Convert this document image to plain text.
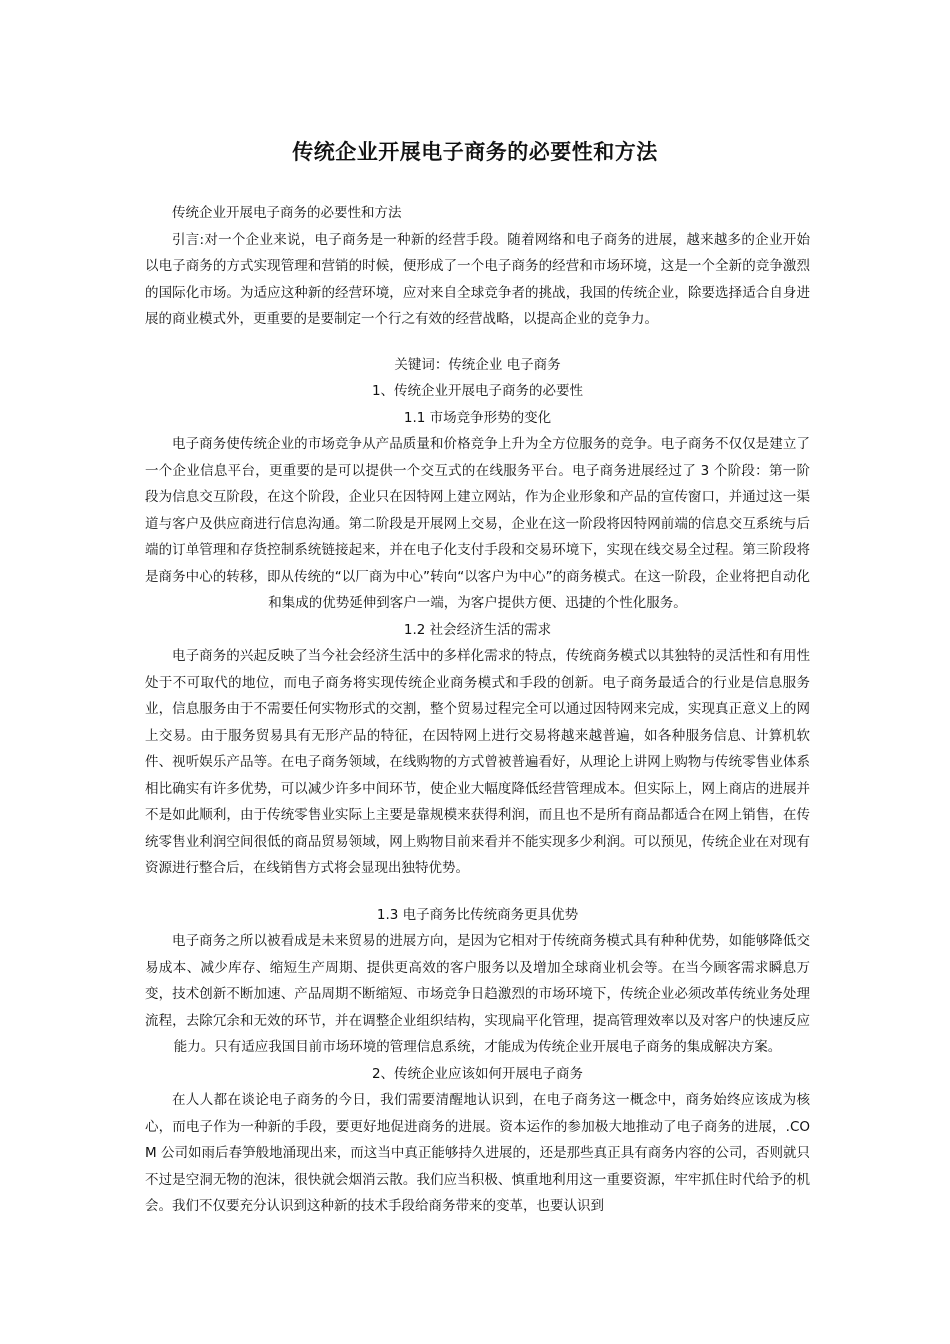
传统企业开展电子商务的必要性和方法

传统企业开展电子商务的必要性和方法

引言:对一个企业来说，电子商务是一种新的经营手段。随着网络和电子商务的进展，越来越多的企业开始以电子商务的方式实现管理和营销的时候，便形成了一个电子商务的经营和市场环境，这是一个全新的竞争激烈的国际化市场。为适应这种新的经营环境，应对来自全球竞争者的挑战，我国的传统企业，除要选择适合自身进展的商业模式外，更重要的是要制定一个行之有效的经营战略，以提高企业的竞争力。

关键词：传统企业 电子商务

1、传统企业开展电子商务的必要性

1.1 市场竞争形势的变化

电子商务使传统企业的市场竞争从产品质量和价格竞争上升为全方位服务的竞争。电子商务不仅仅是建立了一个企业信息平台，更重要的是可以提供一个交互式的在线服务平台。电子商务进展经过了 3 个阶段：第一阶段为信息交互阶段，在这个阶段，企业只在因特网上建立网站，作为企业形象和产品的宣传窗口，并通过这一渠道与客户及供应商进行信息沟通。第二阶段是开展网上交易，企业在这一阶段将因特网前端的信息交互系统与后端的订单管理和存货控制系统链接起来，并在电子化支付手段和交易环境下，实现在线交易全过程。第三阶段将是商务中心的转移，即从传统的“以厂商为中心”转向“以客户为中心”的商务模式。在这一阶段，企业将把自动化和集成的优势延伸到客户一端，为客户提供方便、迅捷的个性化服务。

1.2 社会经济生活的需求

电子商务的兴起反映了当今社会经济生活中的多样化需求的特点，传统商务模式以其独特的灵活性和有用性处于不可取代的地位，而电子商务将实现传统企业商务模式和手段的创新。电子商务最适合的行业是信息服务业，信息服务由于不需要任何实物形式的交割，整个贸易过程完全可以通过因特网来完成，实现真正意义上的网上交易。由于服务贸易具有无形产品的特征，在因特网上进行交易将越来越普遍，如各种服务信息、计算机软件、视听娱乐产品等。在电子商务领域，在线购物的方式曾被普遍看好，从理论上讲网上购物与传统零售业体系相比确实有许多优势，可以减少许多中间环节，使企业大幅度降低经营管理成本。但实际上，网上商店的进展并不是如此顺利，由于传统零售业实际上主要是靠规模来获得利润，而且也不是所有商品都适合在网上销售，在传统零售业利润空间很低的商品贸易领域，网上购物目前来看并不能实现多少利润。可以预见，传统企业在对现有资源进行整合后，在线销售方式将会显现出独特优势。

1.3 电子商务比传统商务更具优势

电子商务之所以被看成是未来贸易的进展方向，是因为它相对于传统商务模式具有种种优势，如能够降低交易成本、减少库存、缩短生产周期、提供更高效的客户服务以及增加全球商业机会等。在当今顾客需求瞬息万变，技术创新不断加速、产品周期不断缩短、市场竞争日趋激烈的市场环境下，传统企业必须改革传统业务处理流程，去除冗余和无效的环节，并在调整企业组织结构，实现扁平化管理，提高管理效率以及对客户的快速反应能力。只有适应我国目前市场环境的管理信息系统，才能成为传统企业开展电子商务的集成解决方案。

2、传统企业应该如何开展电子商务

在人人都在谈论电子商务的今日，我们需要清醒地认识到，在电子商务这一概念中，商务始终应该成为核心，而电子作为一种新的手段，要更好地促进商务的进展。资本运作的参加极大地推动了电子商务的进展，.COM 公司如雨后春笋般地涌现出来，而这当中真正能够持久进展的，还是那些真正具有商务内容的公司，否则就只不过是空洞无物的泡沫，很快就会烟消云散。我们应当积极、慎重地利用这一重要资源，牢牢抓住时代给予的机会。我们不仅要充分认识到这种新的技术手段给商务带来的变革，也要认识到
